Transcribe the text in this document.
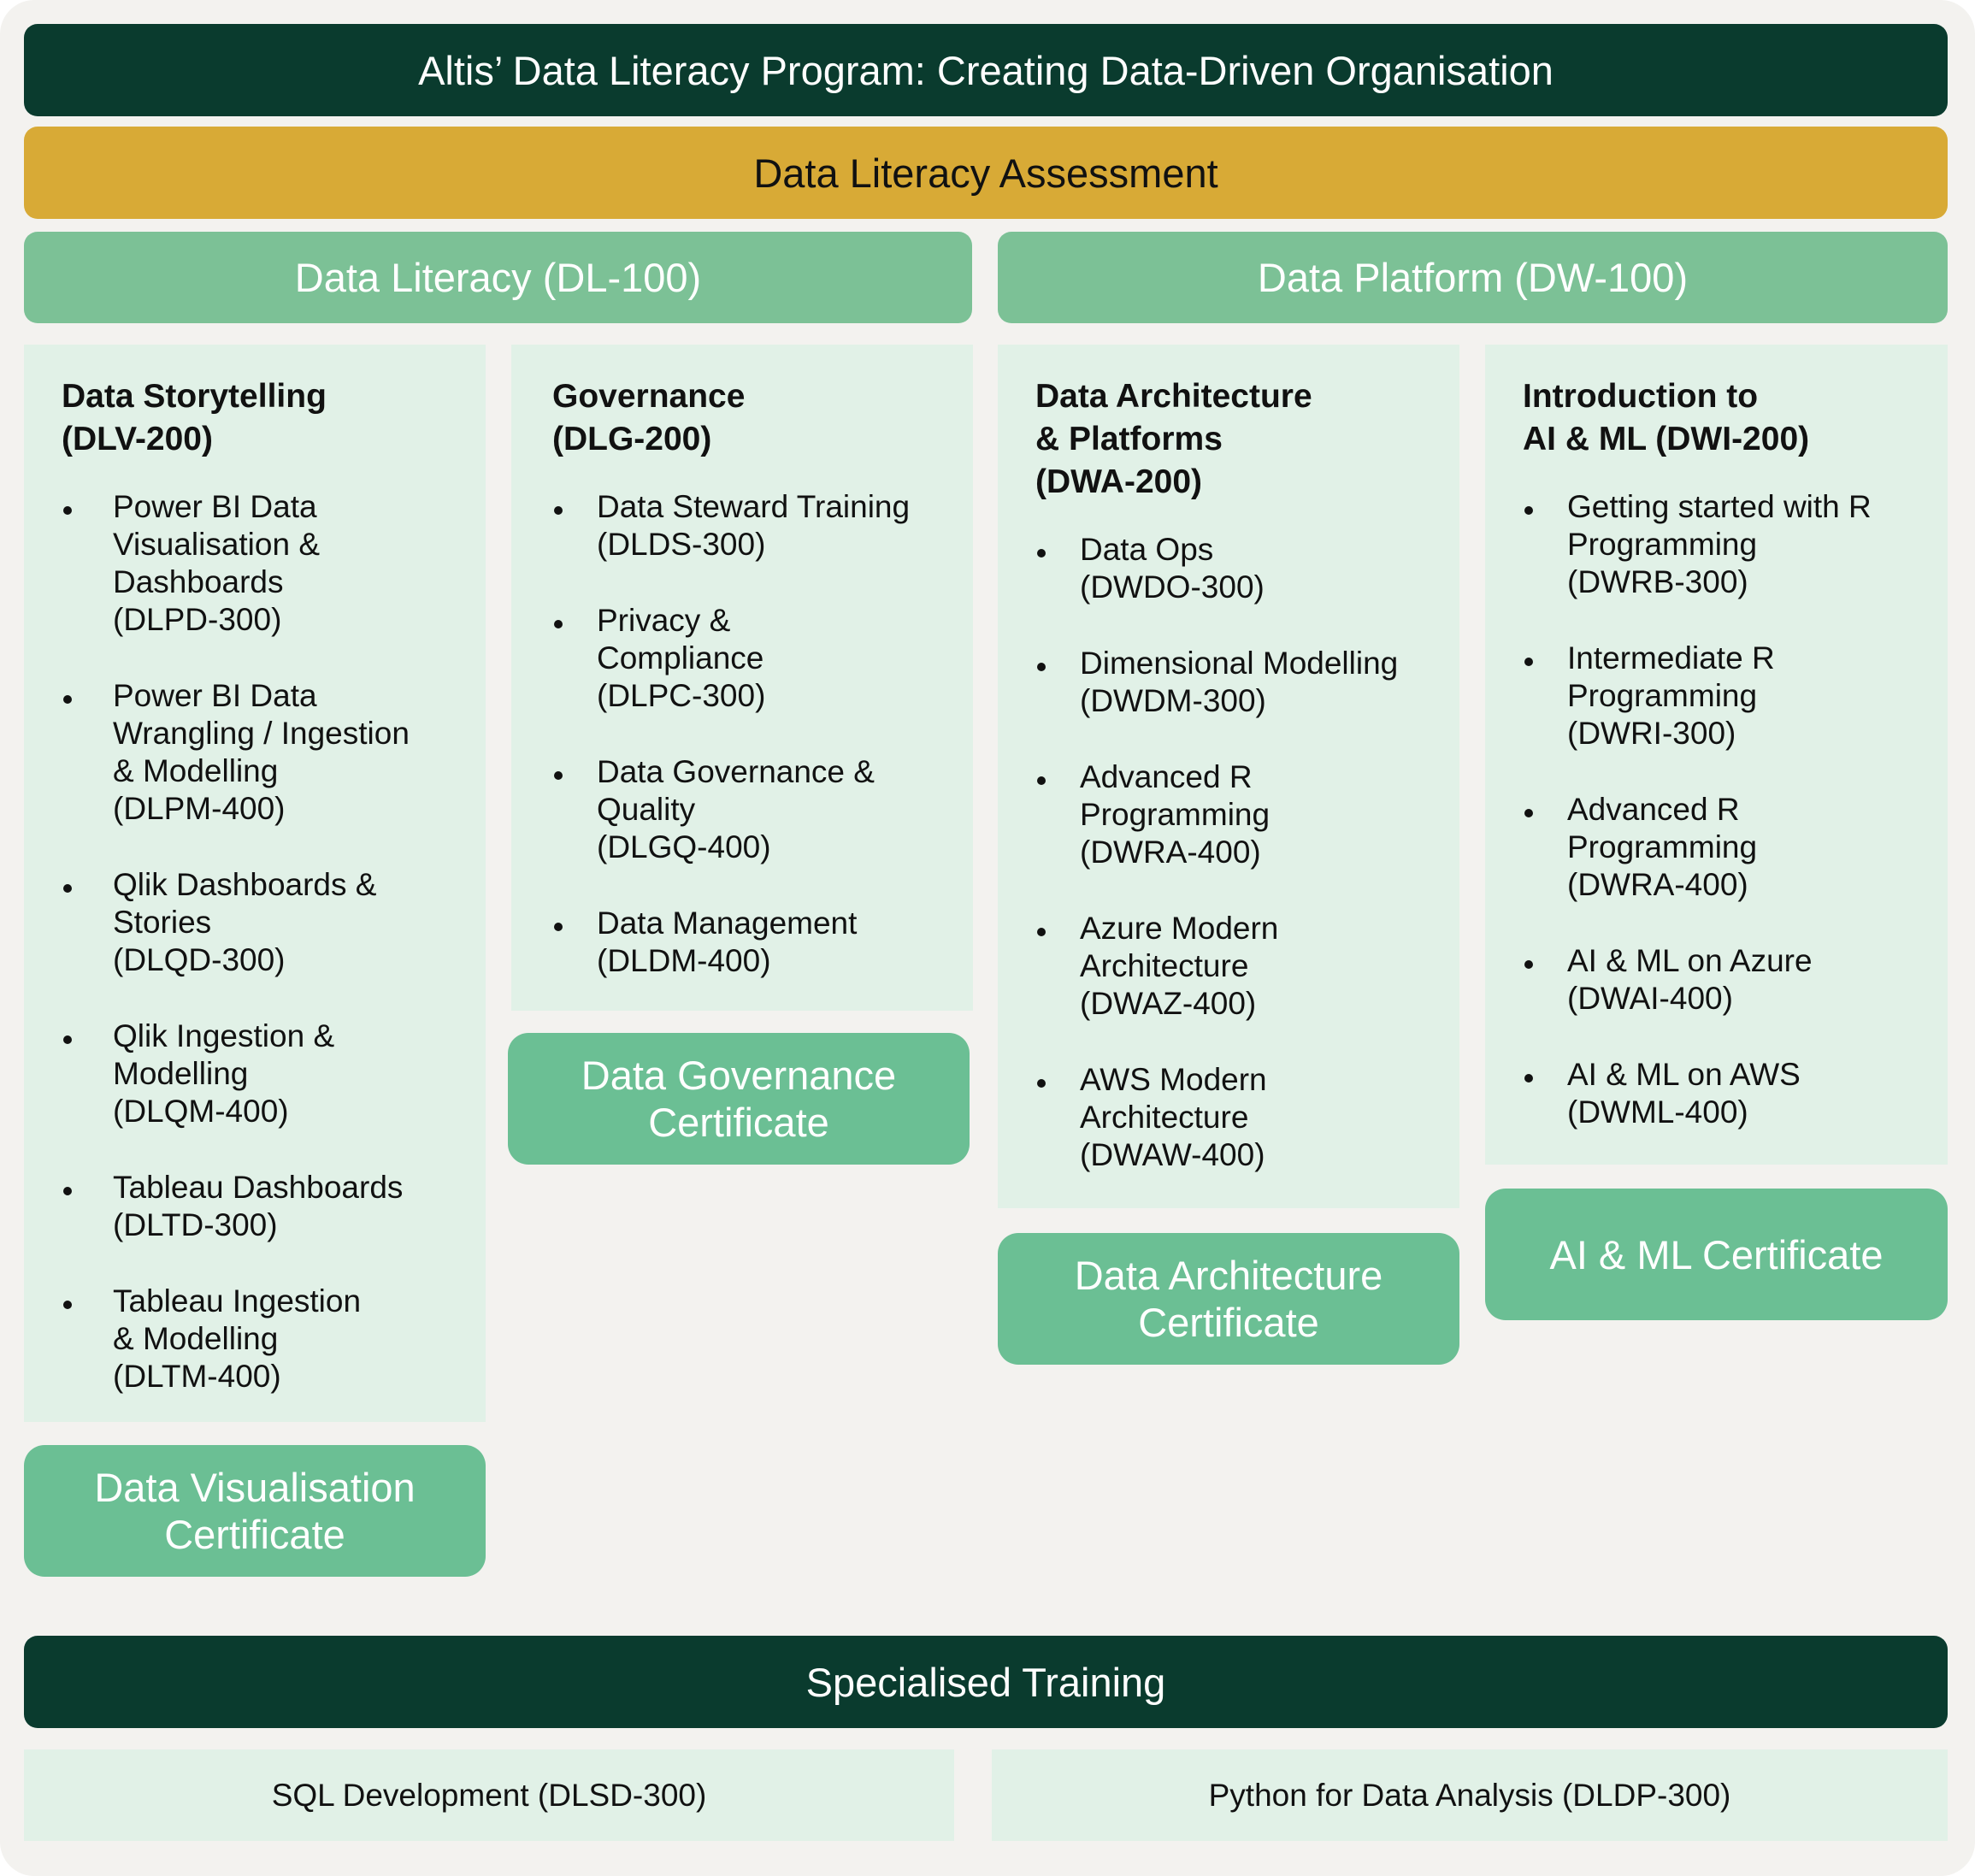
Altis’ Data Literacy Program: Creating Data-Driven Organisation
Data Literacy Assessment
Data Literacy (DL-100)	Data Platform (DW-100)
Data Storytelling
(DLV-200)
Power BI Data
Visualisation &
Dashboards
(DLPD-300)
Power BI Data
Wrangling / Ingestion
& Modelling
(DLPM-400)
Qlik Dashboards &
Stories
(DLQD-300)
Qlik Ingestion &
Modelling
(DLQM-400)
Tableau Dashboards
(DLTD-300)
Tableau Ingestion
& Modelling
(DLTM-400)
Governance
(DLG-200)
Data Steward Training
(DLDS-300)
Privacy &
Compliance
(DLPC-300)
Data Governance &
Quality
(DLGQ-400)
Data Management
(DLDM-400)
Data Architecture
& Platforms
(DWA-200)
Data Ops
(DWDO-300)
Dimensional Modelling
(DWDM-300)
Advanced R
Programming
(DWRA-400)
Azure Modern
Architecture
(DWAZ-400)
AWS Modern
Architecture
(DWAW-400)
Introduction to
AI & ML (DWI-200)
Getting started with R
Programming
(DWRB-300)
Intermediate R
Programming
(DWRI-300)
Advanced R
Programming
(DWRA-400)
AI & ML on Azure
(DWAI-400)
AI & ML on AWS
(DWML-400)
Data Visualisation
Certificate
Data Governance
Certificate
Data Architecture
Certificate
AI & ML Certificate
Specialised Training
SQL Development (DLSD-300)	Python for Data Analysis (DLDP-300)
